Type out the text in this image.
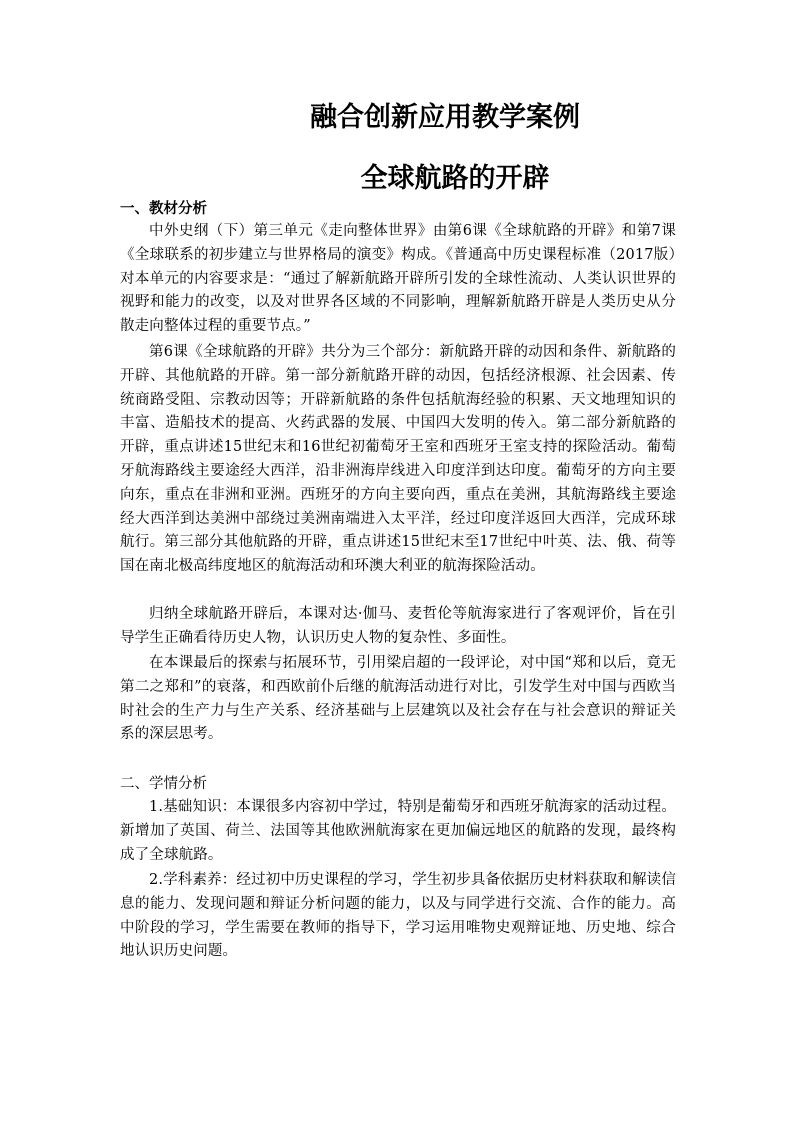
融合创新应用教学案例
全球航路的开辟
一、教材分析

中外史纲（下）第三单元《走向整体世界》由第6课《全球航路的开辟》和第7课《全球联系的初步建立与世界格局的演变》构成。《普通高中历史课程标准（2017版）对本单元的内容要求是：“通过了解新航路开辟所引发的全球性流动、人类认识世界的视野和能力的改变，以及对世界各区域的不同影响，理解新航路开辟是人类历史从分散走向整体过程的重要节点。”

第6课《全球航路的开辟》共分为三个部分：新航路开辟的动因和条件、新航路的开辟、其他航路的开辟。第一部分新航路开辟的动因，包括经济根源、社会因素、传统商路受阻、宗教动因等；开辟新航路的条件包括航海经验的积累、天文地理知识的丰富、造船技术的提高、火药武器的发展、中国四大发明的传入。第二部分新航路的开辟，重点讲述15世纪末和16世纪初葡萄牙王室和西班牙王室支持的探险活动。葡萄牙航海路线主要途经大西洋，沿非洲海岸线进入印度洋到达印度。葡萄牙的方向主要向东，重点在非洲和亚洲。西班牙的方向主要向西，重点在美洲，其航海路线主要途经大西洋到达美洲中部绕过美洲南端进入太平洋，经过印度洋返回大西洋，完成环球航行。第三部分其他航路的开辟，重点讲述15世纪末至17世纪中叶英、法、俄、荷等国在南北极高纬度地区的航海活动和环澳大利亚的航海探险活动。

归纳全球航路开辟后，本课对达·伽马、麦哲伦等航海家进行了客观评价，旨在引导学生正确看待历史人物，认识历史人物的复杂性、多面性。

在本课最后的探索与拓展环节，引用梁启超的一段评论，对中国“郑和以后，竟无第二之郑和”的衰落，和西欧前仆后继的航海活动进行对比，引发学生对中国与西欧当时社会的生产力与生产关系、经济基础与上层建筑以及社会存在与社会意识的辩证关系的深层思考。

二、学情分析

1.基础知识：本课很多内容初中学过，特别是葡萄牙和西班牙航海家的活动过程。新增加了英国、荷兰、法国等其他欧洲航海家在更加偏远地区的航路的发现，最终构成了全球航路。

2.学科素养：经过初中历史课程的学习，学生初步具备依据历史材料获取和解读信息的能力、发现问题和辩证分析问题的能力，以及与同学进行交流、合作的能力。高中阶段的学习，学生需要在教师的指导下，学习运用唯物史观辩证地、历史地、综合地认识历史问题。
